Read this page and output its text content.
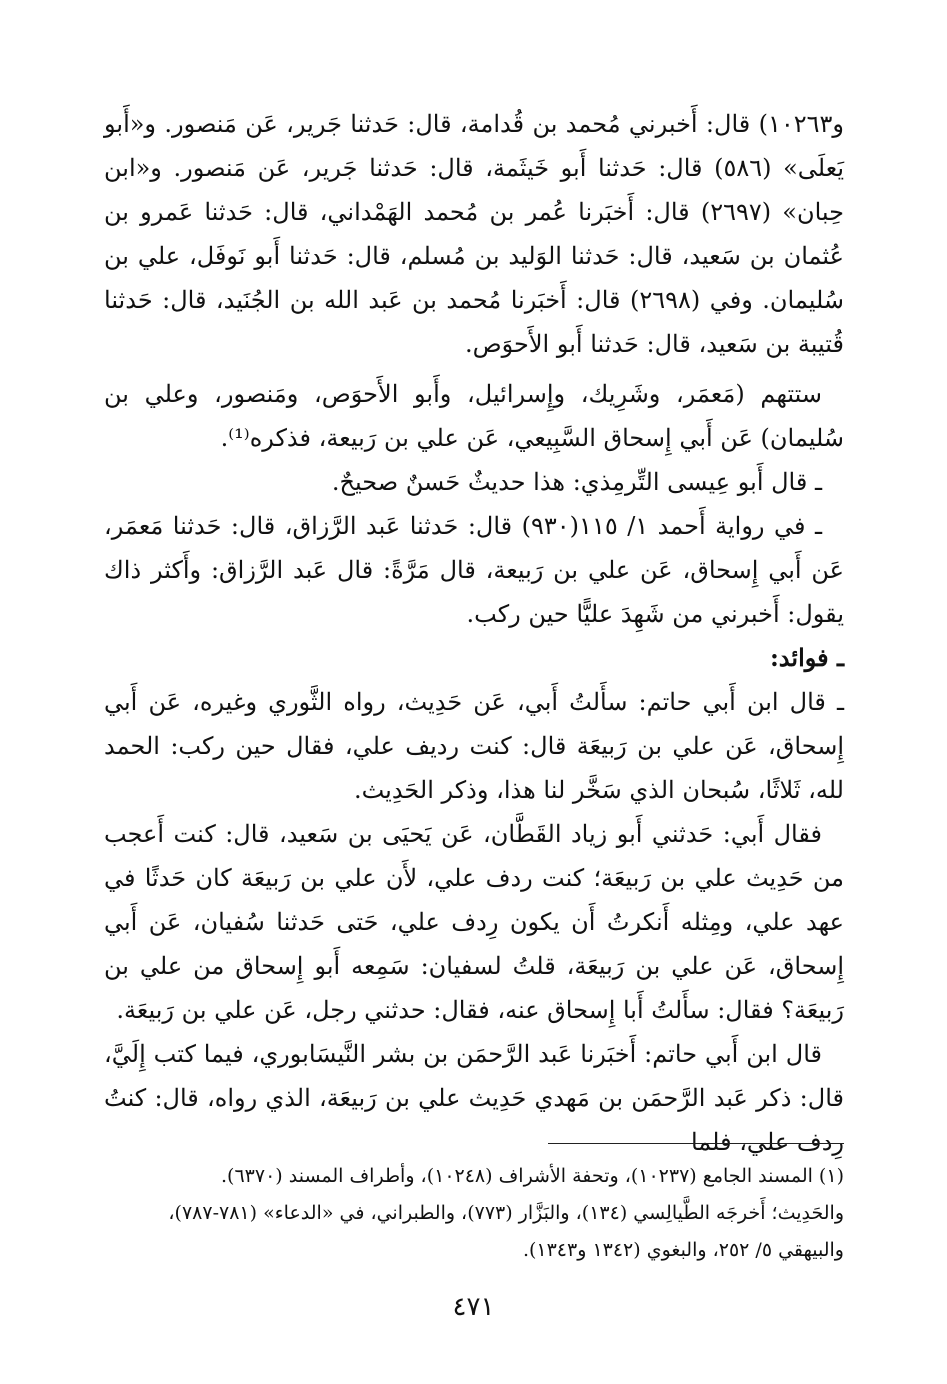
و۱۰۲٦۳) قال: أَخبرني مُحمد بن قُدامة، قال: حَدثنا جَرير، عَن مَنصور. و«أَبو يَعلَى» (٥٨٦) قال: حَدثنا أَبو خَيثَمة، قال: حَدثنا جَرير، عَن مَنصور. و«ابن حِبان» (٢٦٩٧) قال: أَخبَرنا عُمر بن مُحمد الهَمْداني، قال: حَدثنا عَمرو بن عُثمان بن سَعيد، قال: حَدثنا الوَليد بن مُسلم، قال: حَدثنا أَبو نَوفَل، علي بن سُليمان. وفي (٢٦٩٨) قال: أَخبَرنا مُحمد بن عَبد الله بن الجُنَيد، قال: حَدثنا قُتيبة بن سَعيد، قال: حَدثنا أَبو الأَحوَص.

ستتهم (مَعمَر، وشَرِيك، وإِسرائيل، وأَبو الأَحوَص، ومَنصور، وعلي بن سُليمان) عَن أَبي إِسحاق السَّبِيعي، عَن علي بن رَبيعة، فذكره⁽¹⁾.

ـ قال أَبو عِيسى التِّرمِذي: هذا حديثٌ حَسنٌ صحيحٌ.

ـ في رواية أَحمد ١/ ١١٥(٩٣٠) قال: حَدثنا عَبد الرَّزاق، قال: حَدثنا مَعمَر، عَن أَبي إِسحاق، عَن علي بن رَبيعة، قال مَرَّةً: قال عَبد الرَّزاق: وأَكثر ذاك يقول: أَخبرني من شَهِدَ عليًّا حين ركب.

ـ فوائد:

ـ قال ابن أَبي حاتم: سأَلتُ أَبي، عَن حَدِيث، رواه الثَّوري وغيره، عَن أَبي إِسحاق، عَن علي بن رَبيعَة قال: كنت رديف علي، فقال حين ركب: الحمد لله، ثَلاثًا، سُبحان الذي سَخَّر لنا هذا، وذكر الحَدِيث.

فقال أَبي: حَدثني أَبو زياد القَطَّان، عَن يَحيَى بن سَعيد، قال: كنت أَعجب من حَدِيث علي بن رَبيعَة؛ كنت ردف علي، لأَن علي بن رَبيعَة كان حَدثًا في عهد علي، ومِثله أَنكرتُ أَن يكون رِدف علي، حَتى حَدثنا سُفيان، عَن أَبي إِسحاق، عَن علي بن رَبيعَة، قلتُ لسفيان: سَمِعه أَبو إِسحاق من علي بن رَبيعَة؟ فقال: سأَلتُ أَبا إِسحاق عنه، فقال: حدثني رجل، عَن علي بن رَبيعَة.

قال ابن أَبي حاتم: أَخبَرنا عَبد الرَّحمَن بن بشر النَّيسَابوري، فيما كتب إِلَيَّ، قال: ذكر عَبد الرَّحمَن بن مَهدي حَدِيث علي بن رَبيعَة، الذي رواه، قال: كنتُ رِدف علي، فلما

(١) المسند الجامع (١٠٢٣٧)، وتحفة الأشراف (١٠٢٤٨)، وأطراف المسند (٦٣٧٠).

والحَدِيث؛ أَخرجَه الطَّيالِسي (١٣٤)، والبَزَّار (٧٧٣)، والطبراني، في «الدعاء» (٧٨١-٧٨٧)، والبيهقي ٥/ ٢٥٢، والبغوي (١٣٤٢ و١٣٤٣).

٤٧١
